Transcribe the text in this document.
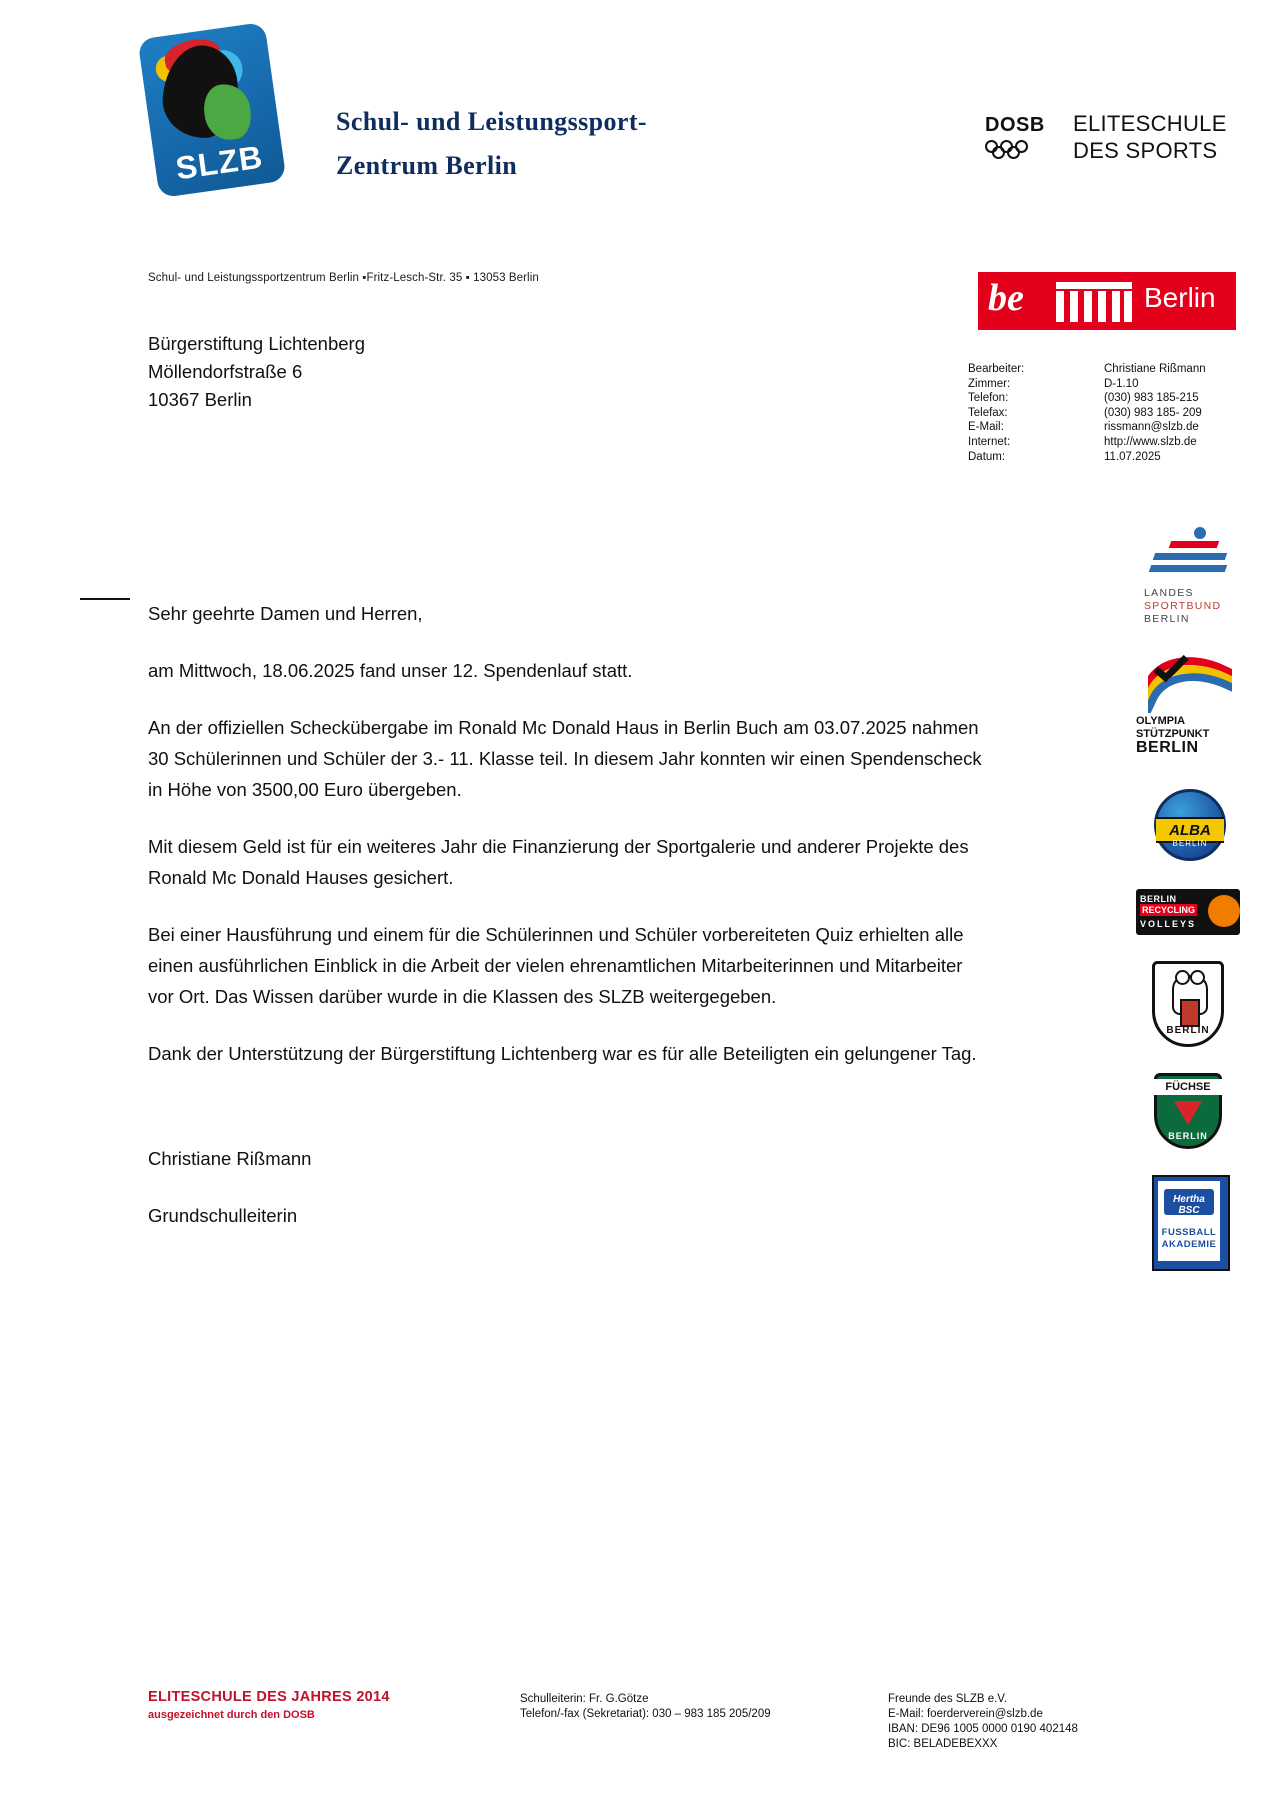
SLZB
Schul- und Leistungssport-
Zentrum Berlin
DOSB	ELITESCHULE
DES SPORTS
Schul- und Leistungssportzentrum Berlin ▪Fritz-Lesch-Str. 35 ▪ 13053 Berlin
Bürgerstiftung Lichtenberg
Möllendorfstraße 6
10367 Berlin
be	Berlin
Bearbeiter:	Christiane Rißmann
Zimmer:	D-1.10
Telefon:	(030) 983 185-215
Telefax:	(030) 983 185- 209
E-Mail:	rissmann@slzb.de
Internet:	http://www.slzb.de
Datum:	11.07.2025

Sehr geehrte Damen und Herren,

am Mittwoch, 18.06.2025 fand unser 12. Spendenlauf statt.

An der offiziellen Scheckübergabe im Ronald Mc Donald Haus in Berlin Buch am 03.07.2025 nahmen 30 Schülerinnen und Schüler der 3.- 11. Klasse teil. In diesem Jahr konnten wir einen Spendenscheck in Höhe von 3500,00 Euro übergeben.

Mit diesem Geld ist für ein weiteres Jahr die Finanzierung der Sportgalerie und anderer Projekte des Ronald Mc Donald Hauses gesichert.

Bei einer Hausführung und einem für die Schülerinnen und Schüler vorbereiteten Quiz erhielten alle einen ausführlichen Einblick in die Arbeit der vielen ehrenamtlichen Mitarbeiterinnen und Mitarbeiter vor Ort. Das Wissen darüber wurde in die Klassen des SLZB weitergegeben.

Dank der Unterstützung der Bürgerstiftung Lichtenberg war es für alle Beteiligten ein gelungener Tag.

Christiane Rißmann

Grundschulleiterin

LANDES
SPORTBUND
BERLIN
OLYMPIA
STÜTZPUNKT
BERLIN
ALBA
BERLIN
BERLIN
RECYCLING
VOLLEYS
BERLIN
FÜCHSE
BERLIN
Hertha BSC
FUSSBALL
AKADEMIE
ELITESCHULE DES JAHRES 2014
ausgezeichnet durch den DOSB
Schulleiterin: Fr. G.Götze
Telefon/-fax (Sekretariat): 030 – 983 185 205/209
Freunde des SLZB e.V.
E-Mail: foerderverein@slzb.de
IBAN: DE96 1005 0000 0190 402148
BIC: BELADEBEXXX
